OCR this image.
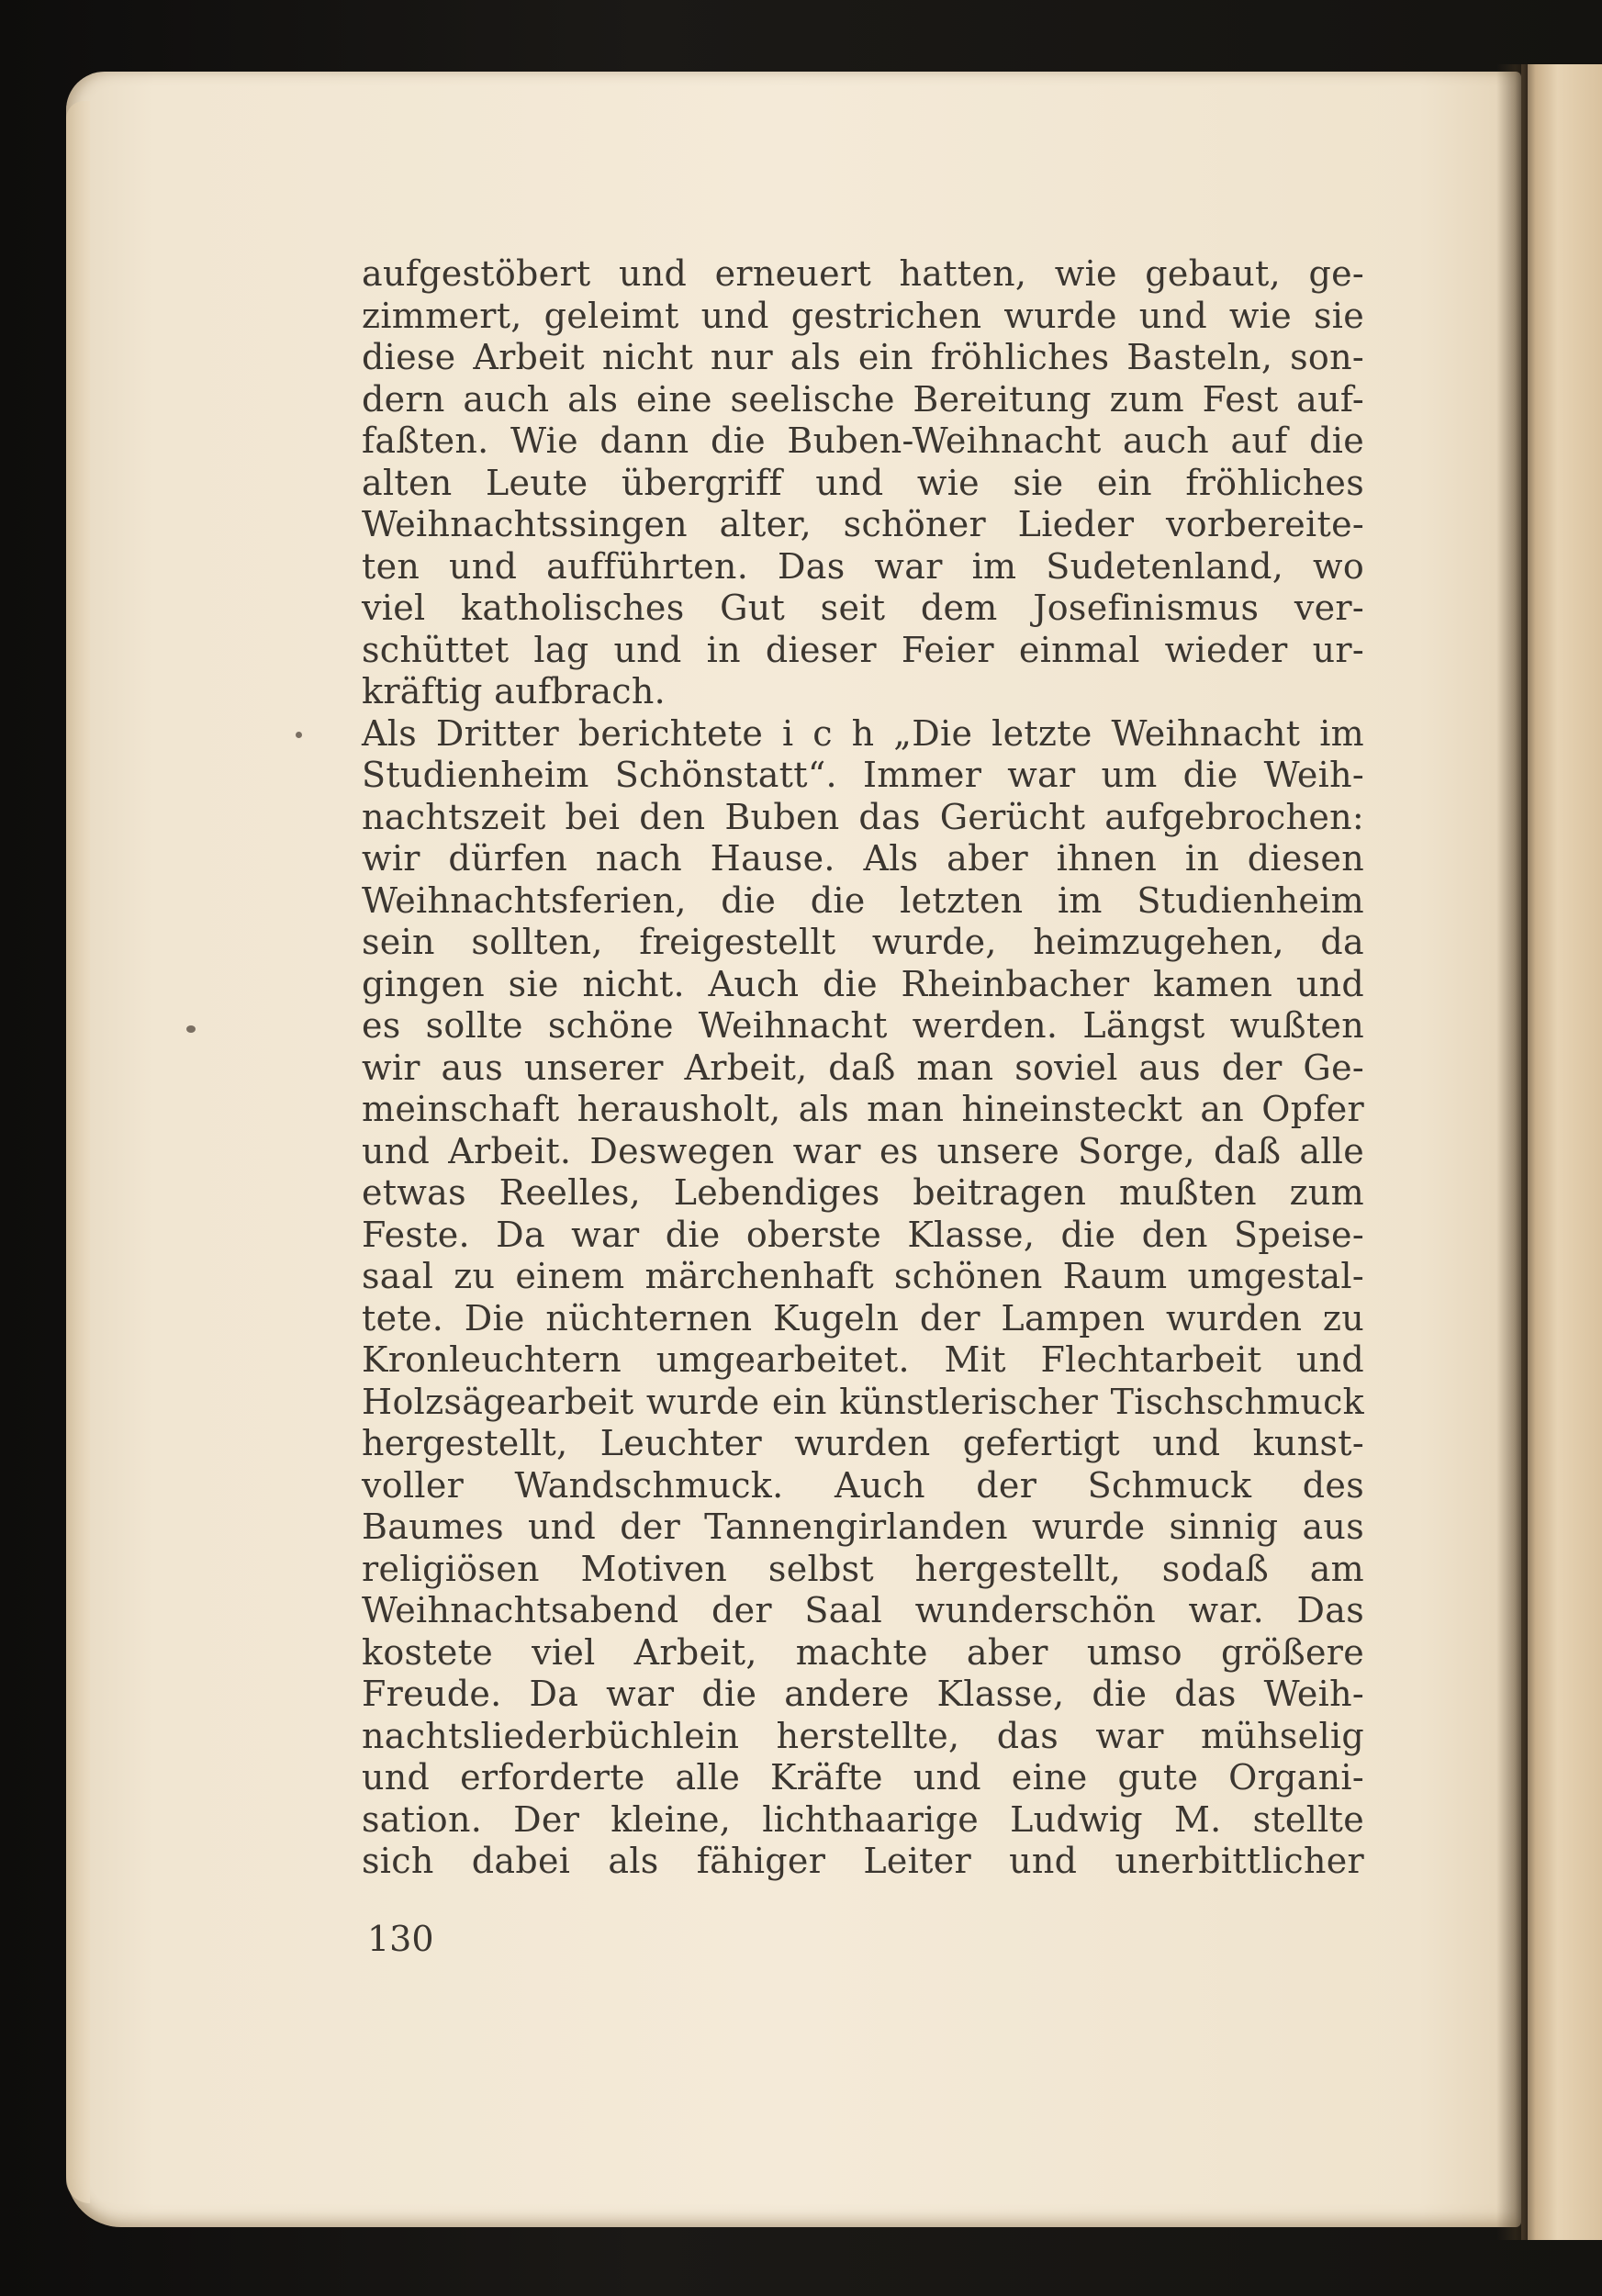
aufgestöbert und erneuert hatten, wie gebaut, ge-
zimmert, geleimt und gestrichen wurde und wie sie
diese Arbeit nicht nur als ein fröhliches Basteln, son-
dern auch als eine seelische Bereitung zum Fest auf-
faßten. Wie dann die Buben-Weihnacht auch auf die
alten Leute übergriff und wie sie ein fröhliches
Weihnachtssingen alter, schöner Lieder vorbereite-
ten und aufführten. Das war im Sudetenland, wo
viel katholisches Gut seit dem Josefinismus ver-
schüttet lag und in dieser Feier einmal wieder ur-
kräftig aufbrach.
Als Dritter berichtete i c h „Die letzte Weihnacht im
Studienheim Schönstatt“. Immer war um die Weih-
nachtszeit bei den Buben das Gerücht aufgebrochen:
wir dürfen nach Hause. Als aber ihnen in diesen
Weihnachtsferien, die die letzten im Studienheim
sein sollten, freigestellt wurde, heimzugehen, da
gingen sie nicht. Auch die Rheinbacher kamen und
es sollte schöne Weihnacht werden. Längst wußten
wir aus unserer Arbeit, daß man soviel aus der Ge-
meinschaft herausholt, als man hineinsteckt an Opfer
und Arbeit. Deswegen war es unsere Sorge, daß alle
etwas Reelles, Lebendiges beitragen mußten zum
Feste. Da war die oberste Klasse, die den Speise-
saal zu einem märchenhaft schönen Raum umgestal-
tete. Die nüchternen Kugeln der Lampen wurden zu
Kronleuchtern umgearbeitet. Mit Flechtarbeit und
Holzsägearbeit wurde ein künstlerischer Tischschmuck
hergestellt, Leuchter wurden gefertigt und kunst-
voller Wandschmuck. Auch der Schmuck des
Baumes und der Tannengirlanden wurde sinnig aus
religiösen Motiven selbst hergestellt, sodaß am
Weihnachtsabend der Saal wunderschön war. Das
kostete viel Arbeit, machte aber umso größere
Freude. Da war die andere Klasse, die das Weih-
nachtsliederbüchlein herstellte, das war mühselig
und erforderte alle Kräfte und eine gute Organi-
sation. Der kleine, lichthaarige Ludwig M. stellte
sich dabei als fähiger Leiter und unerbittlicher
130
